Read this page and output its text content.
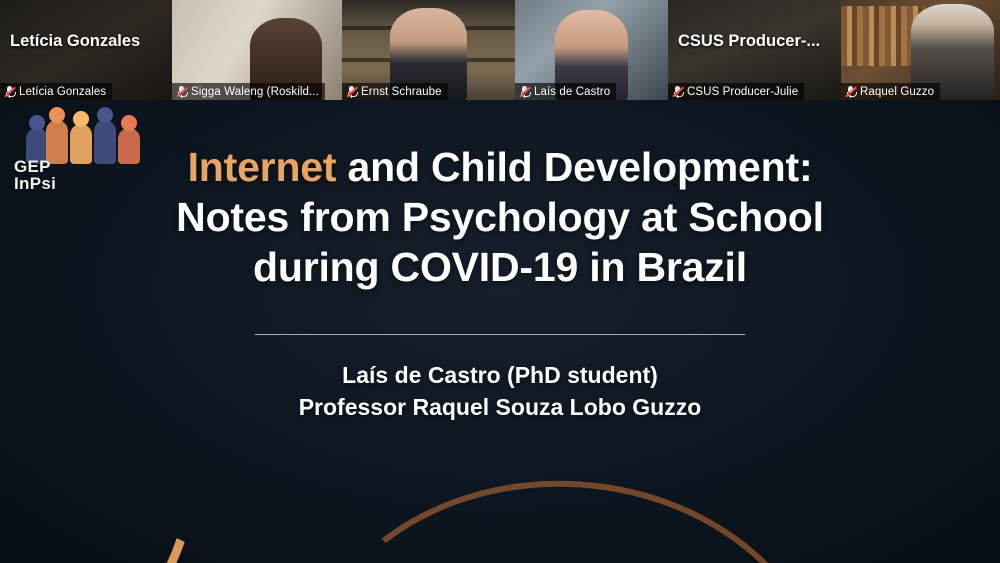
Letícia Gonzales
Letícia Gonzales	Sigga Waleng (Roskild...	Ernst Schraube	Laís de Castro
CSUS Producer-...
CSUS Producer-Julie	Raquel Guzzo
GEP
InPsi	Internet and Child Development: Notes from Psychology at School during COVID-19 in Brazil
Laís de Castro (PhD student)
Professor Raquel Souza Lobo Guzzo
